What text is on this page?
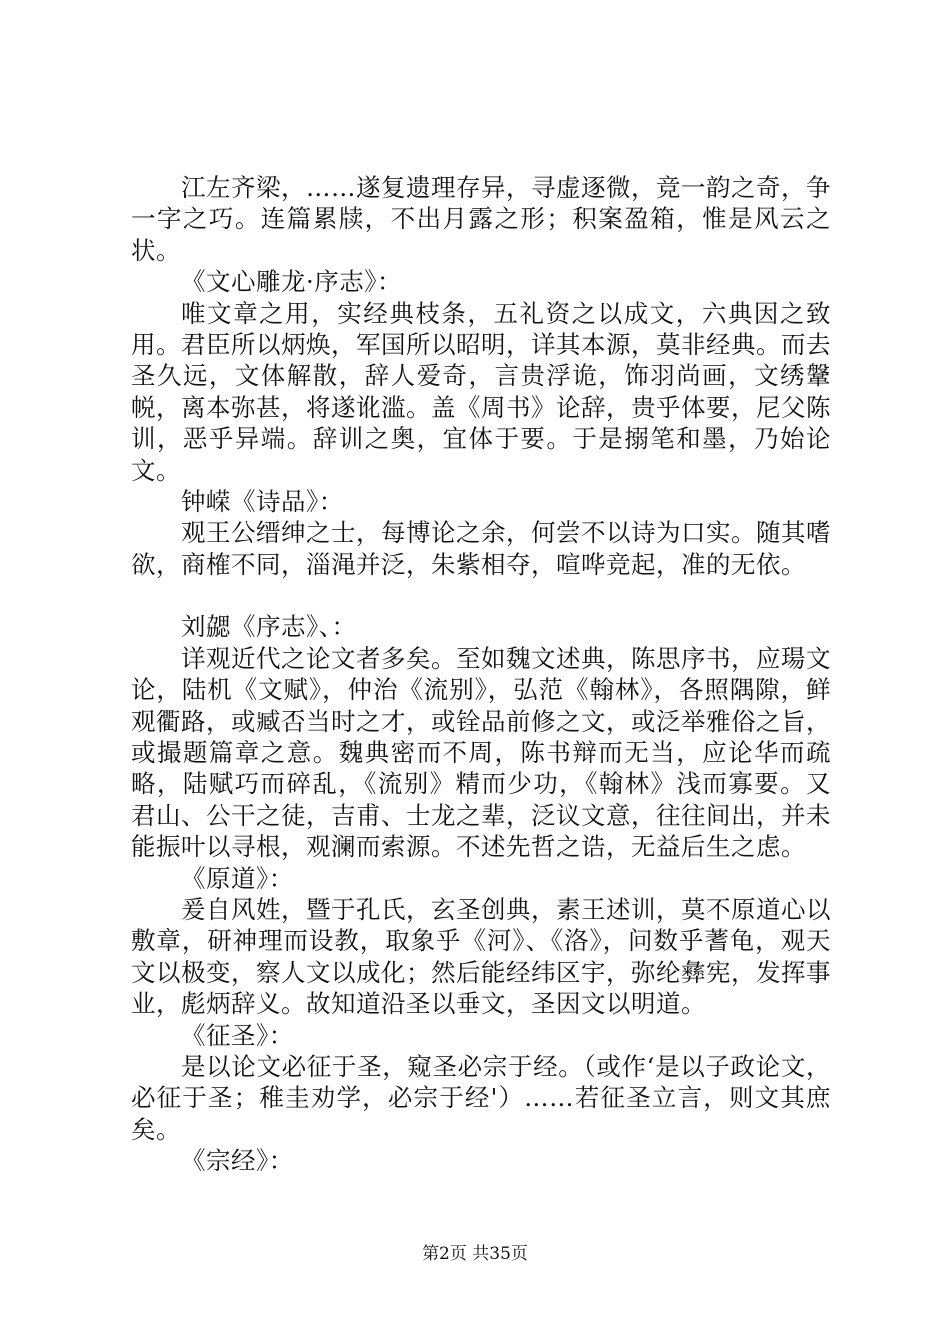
江左齐梁，……遂复遗理存异，寻虚逐微，竞一韵之奇，争一字之巧。连篇累牍，不出月露之形；积案盈箱，惟是风云之状。

《文心雕龙·序志》：

唯文章之用，实经典枝条，五礼资之以成文，六典因之致用。君臣所以炳焕，军国所以昭明，详其本源，莫非经典。而去圣久远，文体解散，辞人爱奇，言贵浮诡，饰羽尚画，文绣鞶帨，离本弥甚，将遂讹滥。盖《周书》论辞，贵乎体要，尼父陈训，恶乎异端。辞训之奥，宜体于要。于是搦笔和墨，乃始论文。

钟嵘《诗品》：

观王公缙绅之士，每博论之余，何尝不以诗为口实。随其嗜欲，商榷不同，淄渑并泛，朱紫相夺，喧哗竞起，准的无依。

刘勰《序志》、：

详观近代之论文者多矣。至如魏文述典，陈思序书，应瑒文论，陆机《文赋》，仲治《流别》，弘范《翰林》，各照隅隙，鲜观衢路，或臧否当时之才，或铨品前修之文，或泛举雅俗之旨，或撮题篇章之意。魏典密而不周，陈书辩而无当，应论华而疏略，陆赋巧而碎乱，《流别》精而少功，《翰林》浅而寡要。又君山、公干之徒，吉甫、士龙之辈，泛议文意，往往间出，并未能振叶以寻根，观澜而索源。不述先哲之诰，无益后生之虑。

《原道》：

爰自风姓，暨于孔氏，玄圣创典，素王述训，莫不原道心以敷章，研神理而设教，取象乎《河》、《洛》，问数乎蓍龟，观天文以极变，察人文以成化；然后能经纬区宇，弥纶彝宪，发挥事业，彪炳辞义。故知道沿圣以垂文，圣因文以明道。

《征圣》：

是以论文必征于圣，窥圣必宗于经。（或作‘是以子政论文，必征于圣；稚圭劝学，必宗于经'）……若征圣立言，则文其庶矣。

《宗经》：

第2页 共35页
